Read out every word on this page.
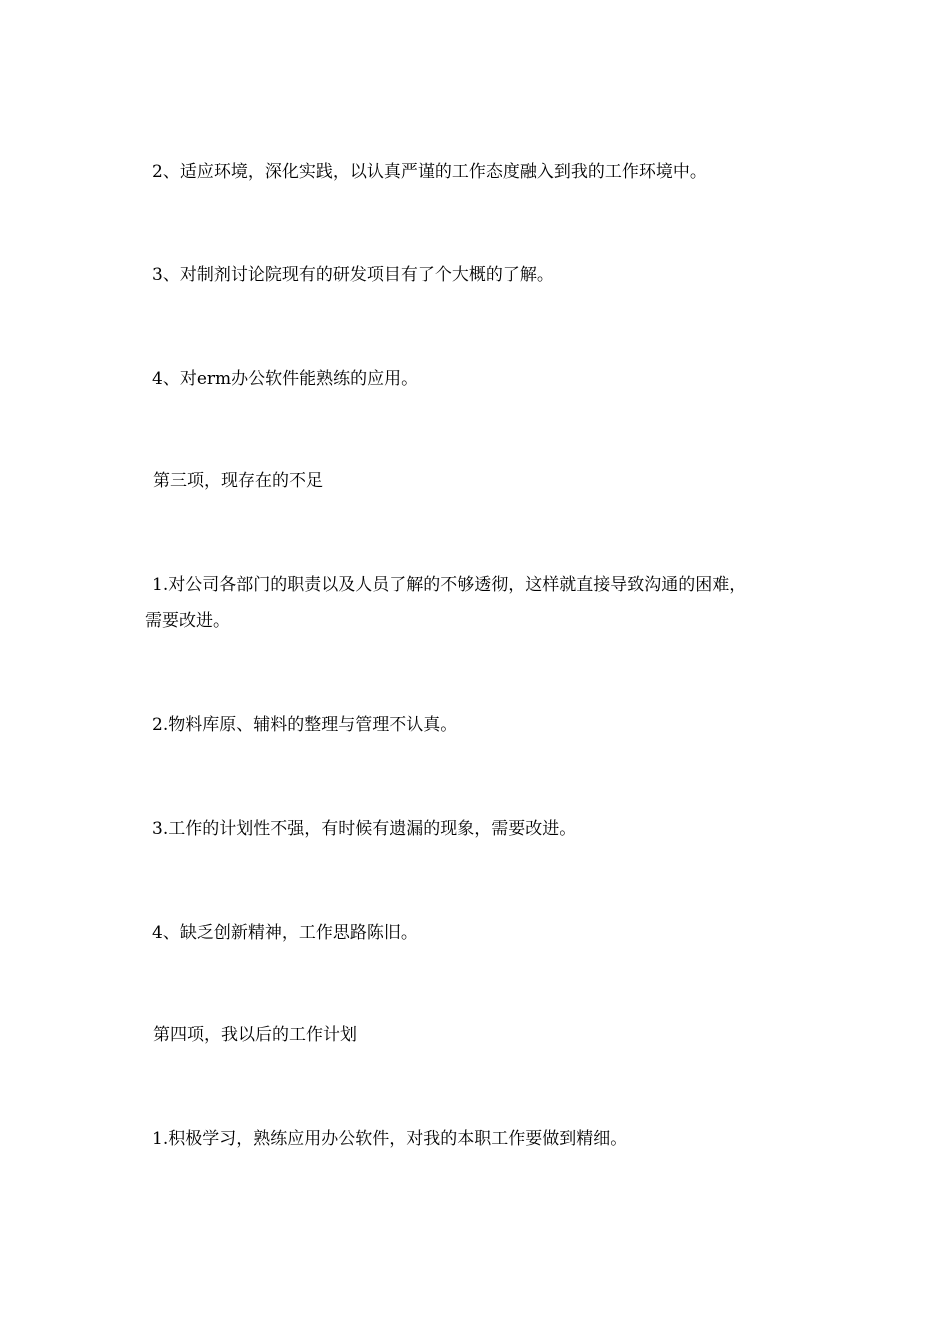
2、适应环境，深化实践，以认真严谨的工作态度融入到我的工作环境中。

3、对制剂讨论院现有的研发项目有了个大概的了解。

4、对erm办公软件能熟练的应用。

第三项，现存在的不足

1.对公司各部门的职责以及人员了解的不够透彻，这样就直接导致沟通的困难，

需要改进。

2.物料库原、辅料的整理与管理不认真。

3.工作的计划性不强，有时候有遗漏的现象，需要改进。

4、缺乏创新精神，工作思路陈旧。

第四项，我以后的工作计划

1.积极学习，熟练应用办公软件，对我的本职工作要做到精细。
